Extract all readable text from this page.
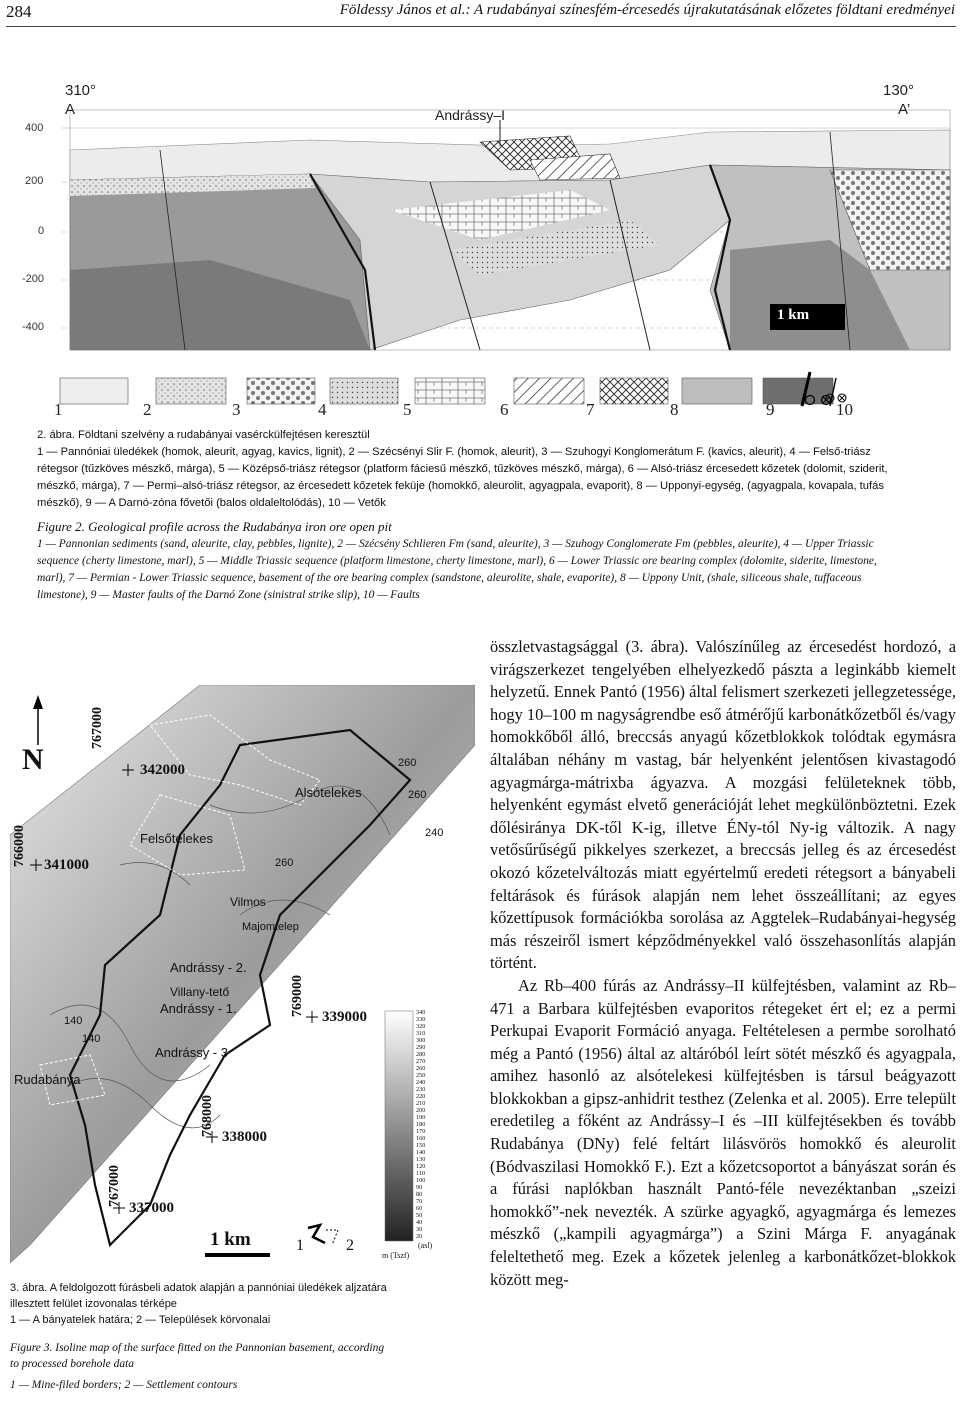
284	Földessy János et al.: A rudabányai színesfém-ércesedés újrakutatásának előzetes földtani eredményei
310°
A
130°
A’
Andrássy–I
400
200
0
-200
-400
1 km
1	2	3	4	5	6	7	8	9	10
2. ábra. Földtani szelvény a rudabányai vasérckülfejtésen keresztül
1 — Pannóniai üledékek (homok, aleurit, agyag, kavics, lignit), 2 — Szécsényi Slir F. (homok, aleurit), 3 — Szuhogyi Konglomerátum F. (kavics, aleurit), 4 — Felső-triász
rétegsor (tűzköves mészkő, márga), 5 — Középső-triász rétegsor (platform fáciesű mészkő, tűzköves mészkő, márga), 6 — Alsó-triász ércesedett kőzetek (dolomit, sziderit,
mészkő, márga), 7 — Permi–alsó-triász rétegsor, az ércesedett kőzetek feküje (homokkő, aleurolit, agyagpala, evaporit), 8 — Upponyi-egység, (agyagpala, kovapala, tufás
mészkő), 9 — A Darnó-zóna fővetői (balos oldaleltolódás), 10 — Vetők
Figure 2. Geological profile across the Rudabánya iron ore open pit
1 — Pannonian sediments (sand, aleurite, clay, pebbles, lignite), 2 — Szécsény Schlieren Fm (sand, aleurite), 3 — Szuhogy Conglomerate Fm (pebbles, aleurite), 4 — Upper Triassic
sequence (cherty limestone, marl), 5 — Middle Triassic sequence (platform limestone, cherty limestone, marl), 6 — Lower Triassic ore bearing complex (dolomite, siderite, limestone,
marl), 7 — Permian - Lower Triassic sequence, basement of the ore bearing complex (sandstone, aleurolite, shale, evaporite), 8 — Uppony Unit, (shale, siliceous shale, tuffaceous
limestone), 9 — Master faults of the Darnó Zone (sinistral strike slip), 10 — Faults
N	342000
341000
339000
338000
337000
767000
766000
769000
768000
767000
Alsótelekes
Felsőtelekes
Vilmos
Majomtelep
Andrássy - 2.
Villany-tető
Andrássy - 1.
Andrássy - 3
Rudabánya
260
260
260
240
140
140
340
330
320
310
300
290
280
270
260
250
240
230
220
210
200
190
180
170
160
150
140
130
120
110
100
90
80
70
60
50
40
30
20
(asl)
m (Tszf)
1	2
1 km
3. ábra. A feldolgozott fúrásbeli adatok alapján a pannóniai üledékek aljzatára
illesztett felület izovonalas térképe
1 — A bányatelek határa; 2 — Települések körvonalai
Figure 3. Isoline map of the surface fitted on the Pannonian basement, according
to processed borehole data
1 — Mine-filed borders; 2 — Settlement contours

összletvastagsággal (3. ábra). Valószínűleg az ércesedést hordozó, a virágszerkezet tengelyében elhelyezkedő pászta a leginkább kiemelt helyzetű. Ennek Pantó (1956) által felismert szerkezeti jellegzetessége, hogy 10–100 m nagyságrendbe eső átmérőjű karbonátkőzetből és/vagy homokkőből álló, breccsás anyagú kőzetblokkok tolódtak egymásra általában néhány m vastag, bár helyenként jelentősen kivastagodó agyagmárga-mátrixba ágyazva. A mozgási felületeknek több, helyenként egymást elvető generációját lehet megkülönböztetni. Ezek dőlésiránya DK-től K-ig, illetve ÉNy-tól Ny-ig változik. A nagy vetősűrűségű pikkelyes szerkezet, a breccsás jelleg és az ércesedést okozó kőzetelváltozás miatt egyértelmű eredeti rétegsort a bányabeli feltárások és fúrások alapján nem lehet összeállítani; az egyes kőzettípusok formációkba sorolása az Aggtelek–Rudabányai-hegység más részeiről ismert képződményekkel való összehasonlítás alapján történt.

Az Rb–400 fúrás az Andrássy–II külfejtésben, valamint az Rb–471 a Barbara külfejtésben evaporitos rétegeket ért el; ez a permi Perkupai Evaporit Formáció anyaga. Feltételesen a permbe sorolható még a Pantó (1956) által az altáróból leírt sötét mészkő és agyagpala, amihez hasonló az alsótelekesi külfejtésben is társul beágyazott blokkokban a gipsz-anhidrit testhez (Zelenka et al. 2005). Erre települt eredetileg a főként az Andrássy–I és –III külfejtésekben és tovább Rudabánya (DNy) felé feltárt lilásvörös homokkő és aleurolit (Bódvaszilasi Homokkő F.). Ezt a kőzetcsoportot a bányászat során és a fúrási naplókban használt Pantó-féle nevezéktanban „szeizi homokkő”-nek nevezték. A szürke agyagkő, agyagmárga és lemezes mészkő („kampili agyagmárga”) a Szini Márga F. anyagának feleltethető meg. Ezek a kőzetek jelenleg a karbonátkőzet-blokkok között meg-
